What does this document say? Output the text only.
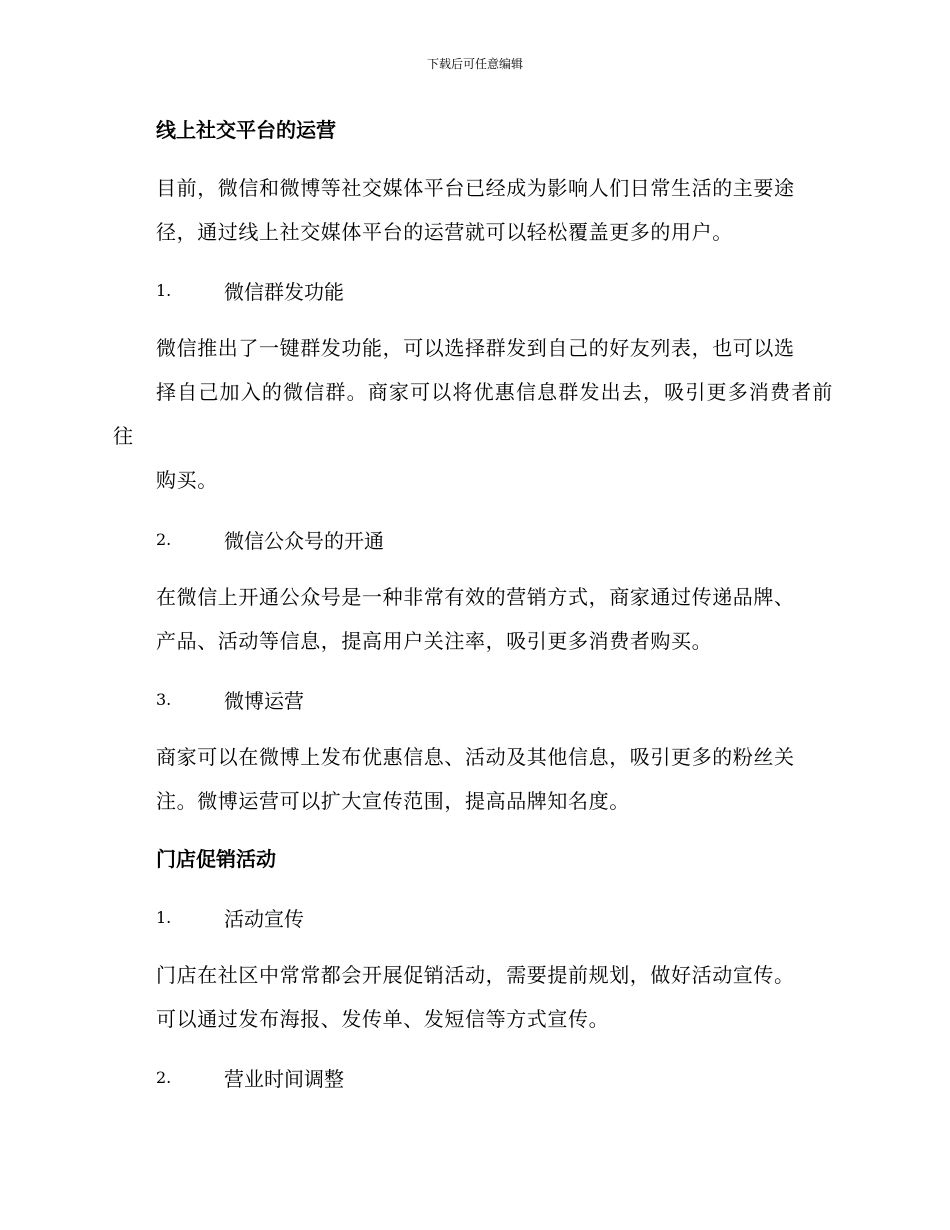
下载后可任意编辑
线上社交平台的运营

目前，微信和微博等社交媒体平台已经成为影响人们日常生活的主要途
径，通过线上社交媒体平台的运营就可以轻松覆盖更多的用户。

1.	微信群发功能

微信推出了一键群发功能，可以选择群发到自己的好友列表，也可以选
择自己加入的微信群。商家可以将优惠信息群发出去，吸引更多消费者前往
购买。

2.	微信公众号的开通

在微信上开通公众号是一种非常有效的营销方式，商家通过传递品牌、
产品、活动等信息，提高用户关注率，吸引更多消费者购买。

3.	微博运营

商家可以在微博上发布优惠信息、活动及其他信息，吸引更多的粉丝关
注。微博运营可以扩大宣传范围，提高品牌知名度。

门店促销活动
1.	活动宣传

门店在社区中常常都会开展促销活动，需要提前规划，做好活动宣传。
可以通过发布海报、发传单、发短信等方式宣传。

2.	营业时间调整
